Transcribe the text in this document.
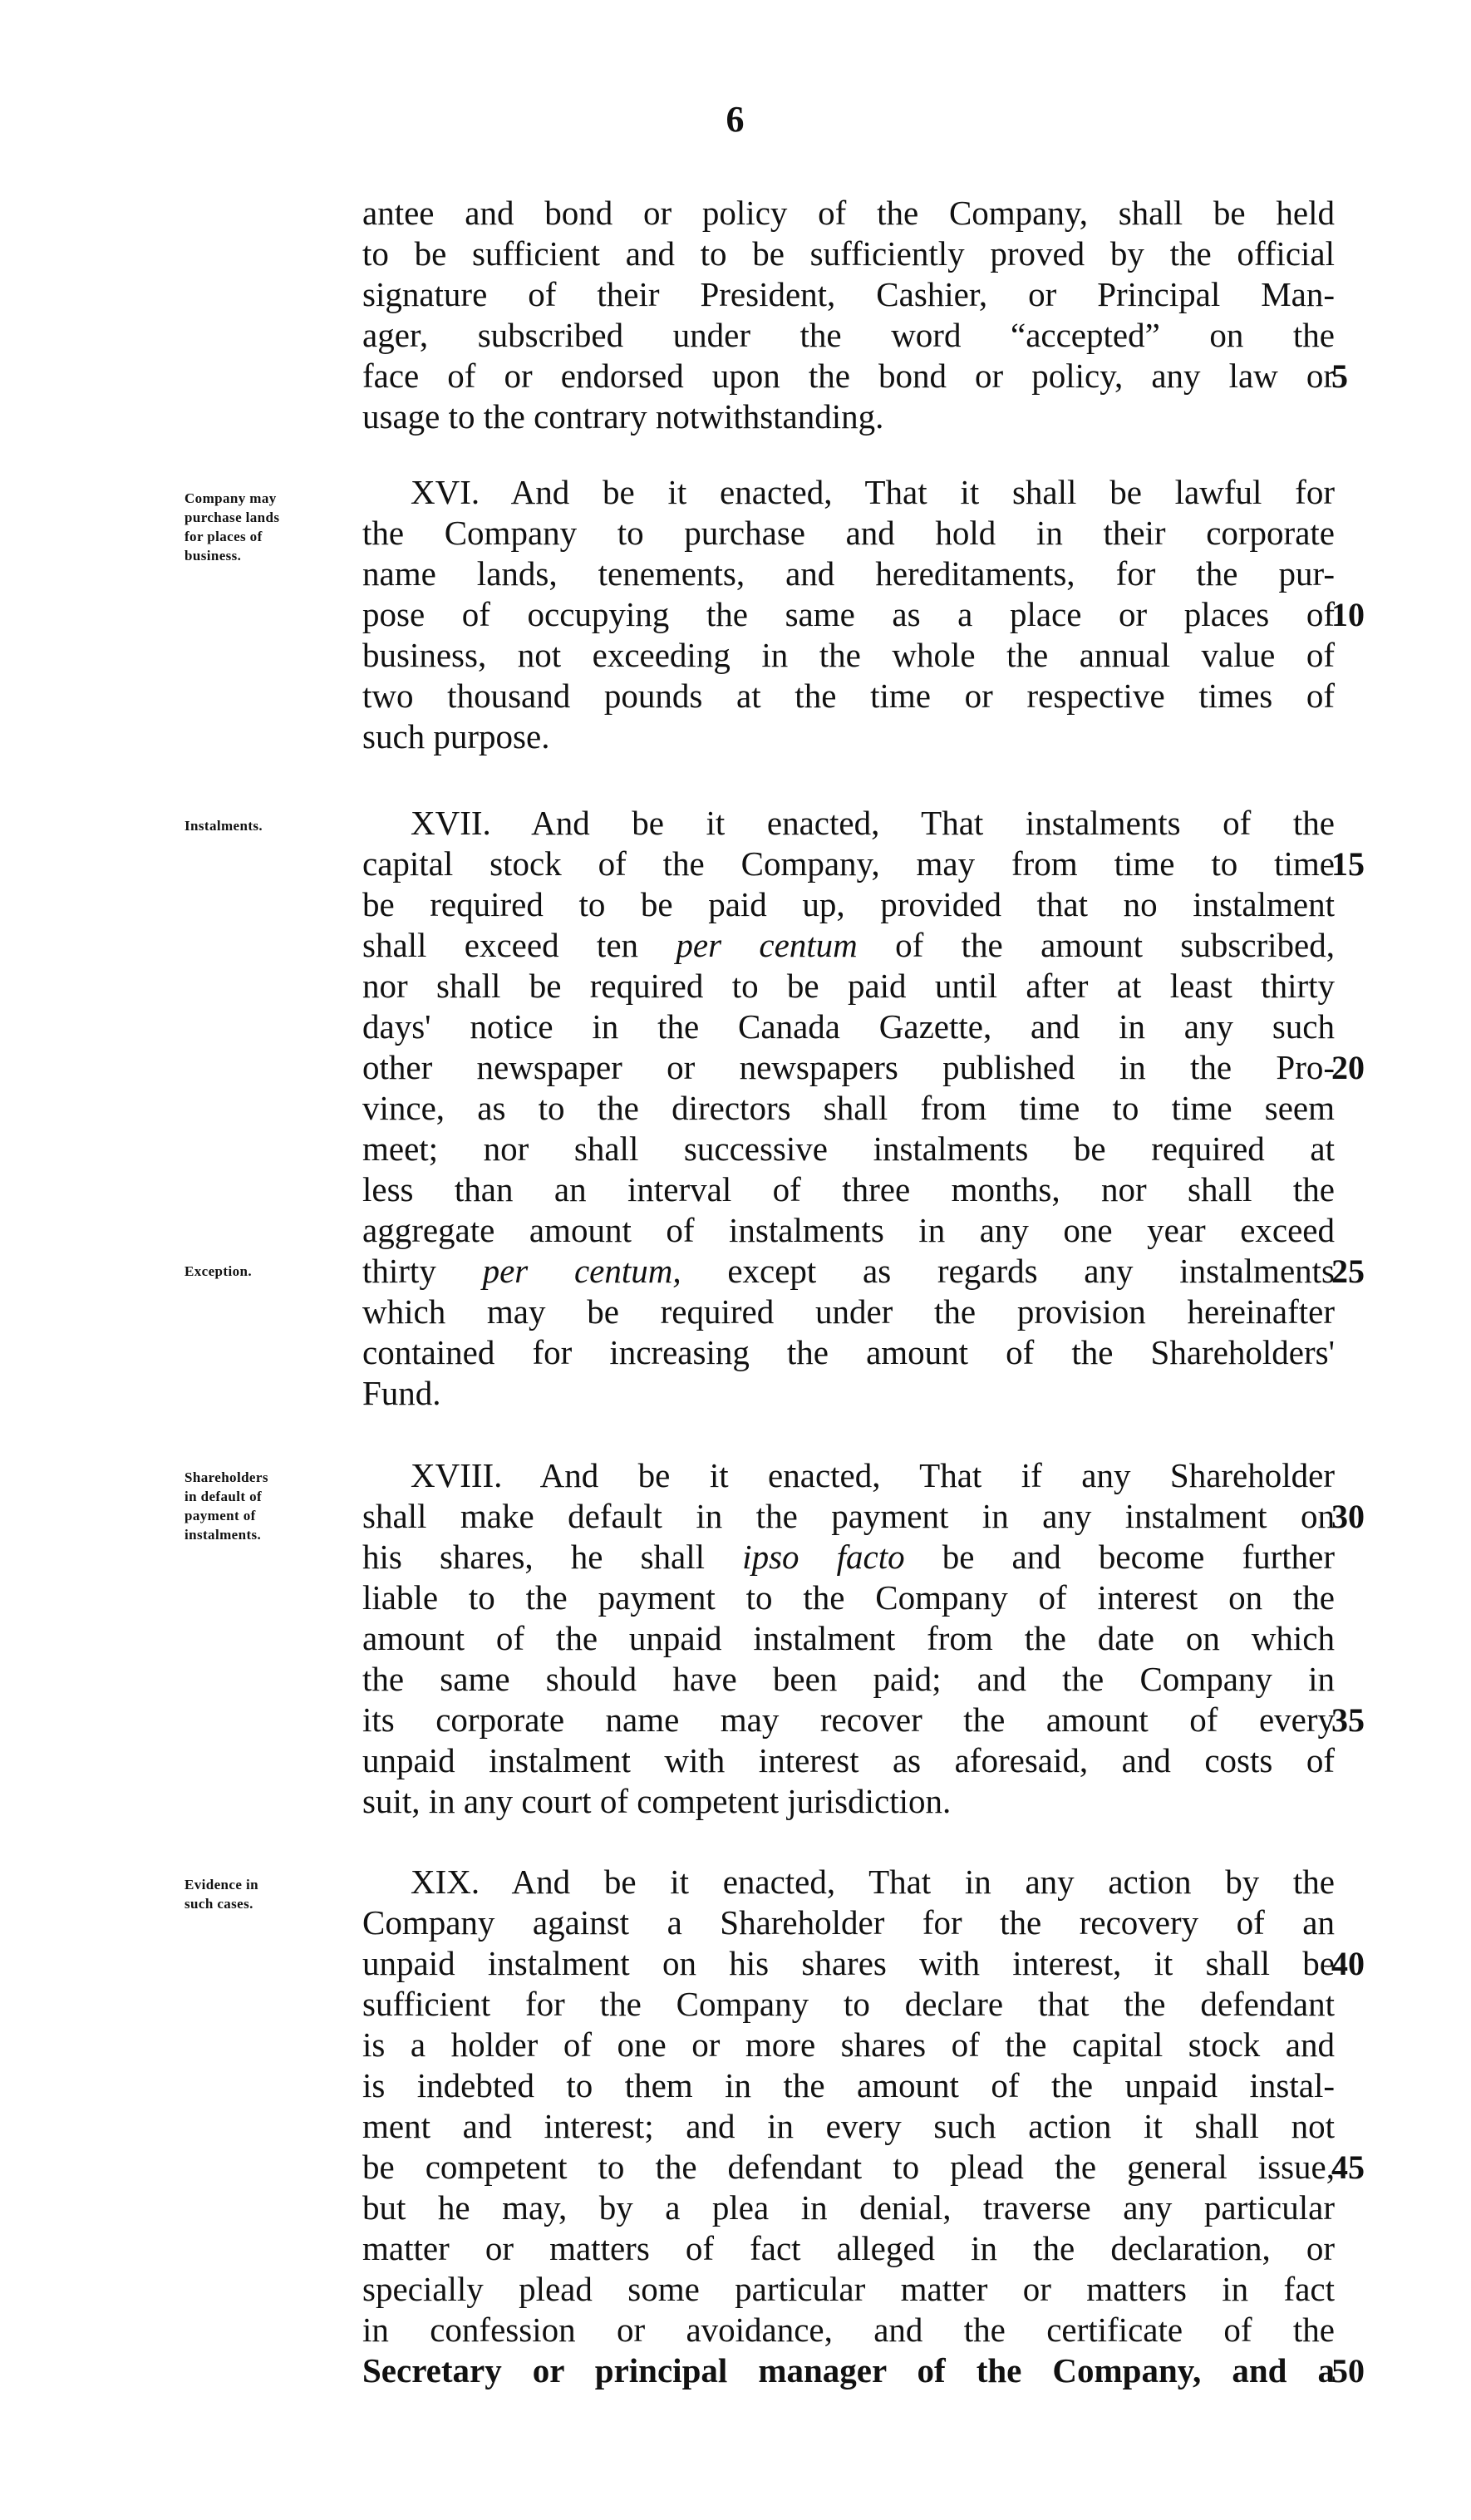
6
antee and bond or policy of the Company, shall be held
to be sufficient and to be sufficiently proved by the official
signature of their President, Cashier, or Principal Man-
ager, subscribed under the word “accepted” on the
face of or endorsed upon the bond or policy, any law or
usage to the contrary notwithstanding.
5
Company may
purchase lands
for places of
business.
XVI. And be it enacted, That it shall be lawful for
the Company to purchase and hold in their corporate
name lands, tenements, and hereditaments, for the pur-
pose of occupying the same as a place or places of
business, not exceeding in the whole the annual value of
two thousand pounds at the time or respective times of
such purpose.
10
Instalments.	XVII. And be it enacted, That instalments of the
capital stock of the Company, may from time to time
be required to be paid up, provided that no instalment
shall exceed ten per centum of the amount subscribed,
nor shall be required to be paid until after at least thirty
days' notice in the Canada Gazette, and in any such
other newspaper or newspapers published in the Pro-
vince, as to the directors shall from time to time seem
meet; nor shall successive instalments be required at
less than an interval of three months, nor shall the
aggregate amount of instalments in any one year exceed
Exception.	thirty per centum, except as regards any instalments
which may be required under the provision hereinafter
contained for increasing the amount of the Shareholders'
Fund.
15
20
25
Shareholders
in default of
payment of
instalments.
XVIII. And be it enacted, That if any Shareholder
shall make default in the payment in any instalment on
his shares, he shall ipso facto be and become further
liable to the payment to the Company of interest on the
amount of the unpaid instalment from the date on which
the same should have been paid; and the Company in
its corporate name may recover the amount of every
unpaid instalment with interest as aforesaid, and costs of
suit, in any court of competent jurisdiction.
30
35
Evidence in
such cases.
XIX. And be it enacted, That in any action by the
Company against a Shareholder for the recovery of an
unpaid instalment on his shares with interest, it shall be
sufficient for the Company to declare that the defendant
is a holder of one or more shares of the capital stock and
is indebted to them in the amount of the unpaid instal-
ment and interest; and in every such action it shall not
be competent to the defendant to plead the general issue,
but he may, by a plea in denial, traverse any particular
matter or matters of fact alleged in the declaration, or
specially plead some particular matter or matters in fact
in confession or avoidance, and the certificate of the
Secretary or principal manager of the Company, and a
40
45
50
